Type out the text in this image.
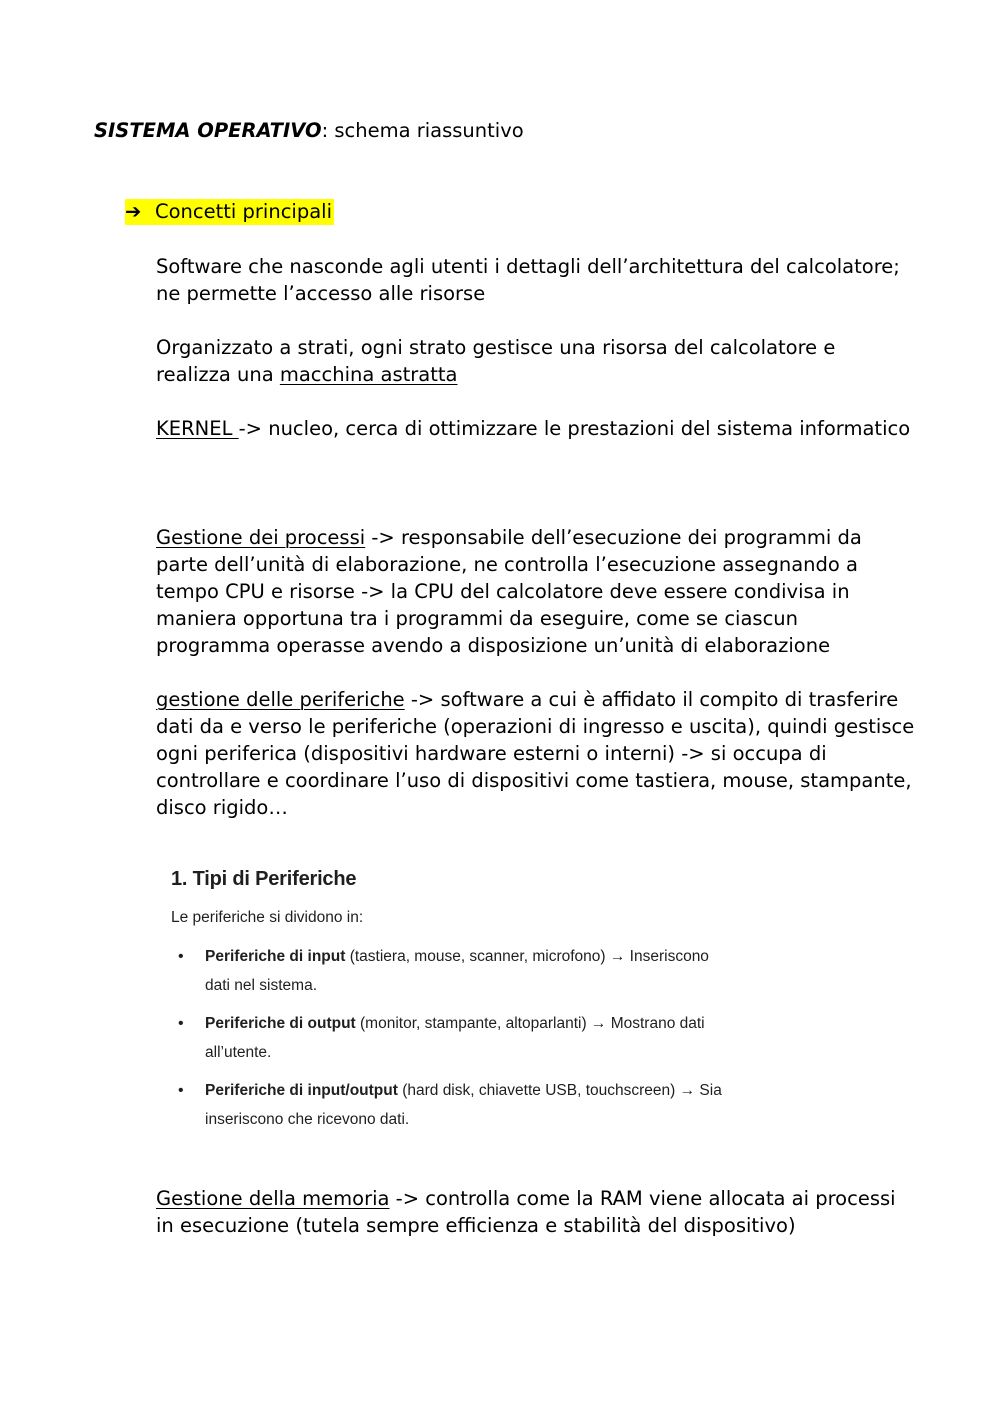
SISTEMA OPERATIVO: schema riassuntivo
➔ Concetti principali
Software che nasconde agli utenti i dettagli dell’architettura del calcolatore; ne permette l’accesso alle risorse
Organizzato a strati, ogni strato gestisce una risorsa del calcolatore e realizza una macchina astratta
KERNEL -> nucleo, cerca di ottimizzare le prestazioni del sistema informatico
Gestione dei processi -> responsabile dell’esecuzione dei programmi da parte dell’unità di elaborazione, ne controlla l’esecuzione assegnando a tempo CPU e risorse -> la CPU del calcolatore deve essere condivisa in maniera opportuna tra i programmi da eseguire, come se ciascun programma operasse avendo a disposizione un’unità di elaborazione
gestione delle periferiche -> software a cui è affidato il compito di trasferire dati da e verso le periferiche (operazioni di ingresso e uscita), quindi gestisce ogni periferica (dispositivi hardware esterni o interni) -> si occupa di controllare e coordinare l’uso di dispositivi come tastiera, mouse, stampante, disco rigido…
1. Tipi di Periferiche
Le periferiche si dividono in:
• Periferiche di input (tastiera, mouse, scanner, microfono) → Inseriscono dati nel sistema.
• Periferiche di output (monitor, stampante, altoparlanti) → Mostrano dati all’utente.
• Periferiche di input/output (hard disk, chiavette USB, touchscreen) → Sia inseriscono che ricevono dati.
Gestione della memoria -> controlla come la RAM viene allocata ai processi in esecuzione (tutela sempre efficienza e stabilità del dispositivo)
